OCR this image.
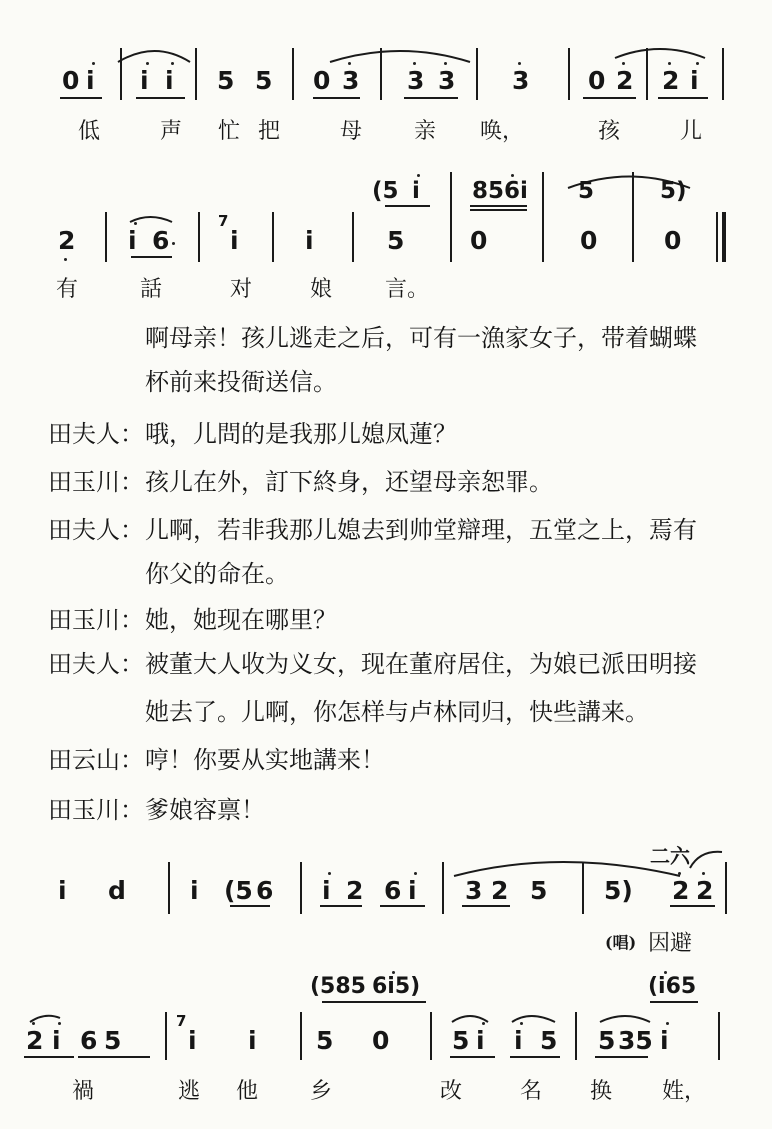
0 i i i 5 5 0 3 3 3 3 0 2 2 i
低	声 忙 把	母 亲 唤，	孩	儿
(5 i 856i 5	5)
2 i 6
7
i	i	5	0	0	0
有	話	对	娘 言。
啊母亲！孩儿逃走之后，可有一漁家女子，带着蝴蝶
杯前来投衙送信。
田夫人： 哦，儿問的是我那儿媳凤蓮？
田玉川： 孩儿在外，訂下終身，还望母亲恕罪。
田夫人： 儿啊，若非我那儿媳去到帅堂辯理，五堂之上，焉有
你父的命在。
田玉川： 她，她现在哪里？
田夫人： 被董大人收为义女，现在董府居住，为娘已派田明接
她去了。儿啊，你怎样与卢林同归，快些講来。
田云山： 哼！你要从实地講来！
田玉川： 爹娘容禀！
二六
i d	i (5 6 i 2 6 i 3 2 5 5) 2 2
(唱) 因避
(585 6i5)	(i65
2 i 6 5
7
i i 5 0	5 i i 5 5 35 i
禍	逃 他 乡	改	名 换 姓，
